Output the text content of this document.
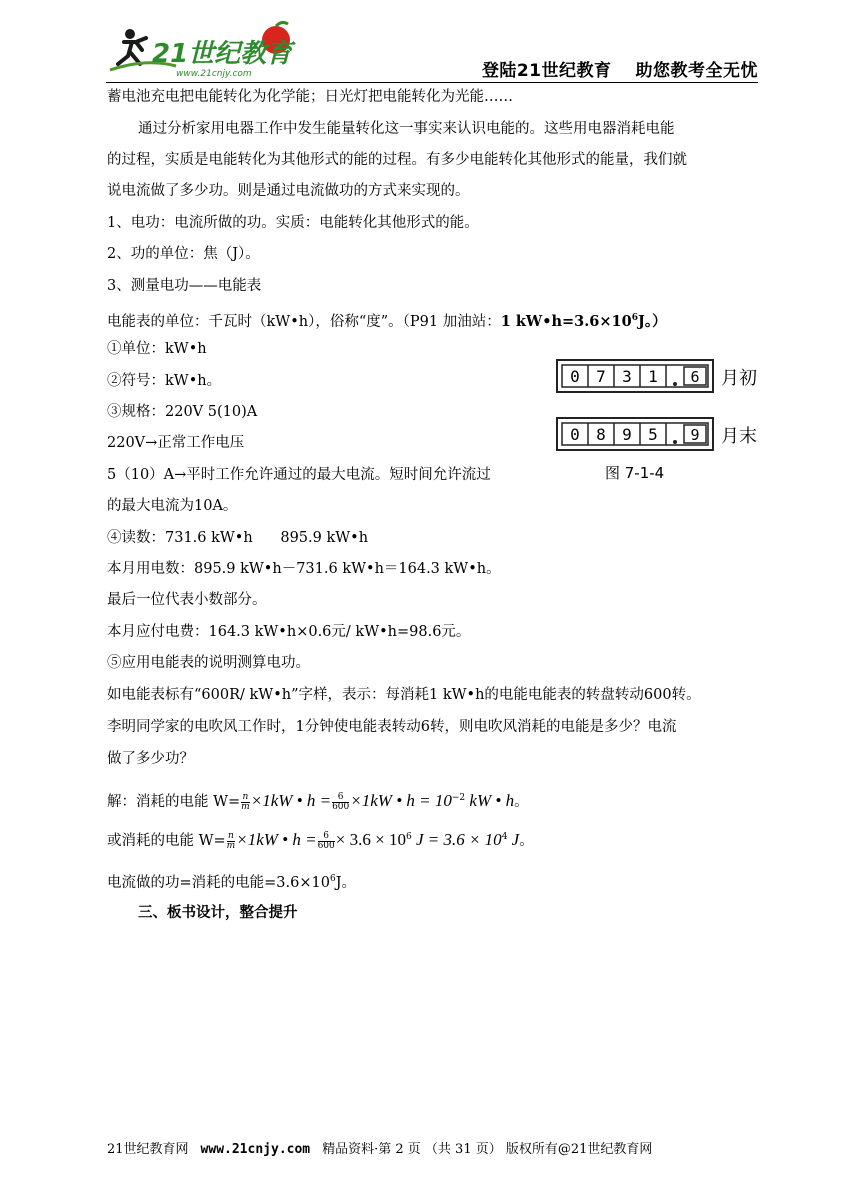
21世纪教育
www.21cnjy.com	登陆21世纪教育 助您教考全无忧
蓄电池充电把电能转化为化学能；日光灯把电能转化为光能……
通过分析家用电器工作中发生能量转化这一事实来认识电能的。这些用电器消耗电能
的过程，实质是电能转化为其他形式的能的过程。有多少电能转化其他形式的能量，我们就
说电流做了多少功。则是通过电流做功的方式来实现的。
1、电功：电流所做的功。实质：电能转化其他形式的能。
2、功的单位：焦（J）。
3、测量电功——电能表
电能表的单位：千瓦时（kW•h），俗称“度”。（P91 加油站：1 $kW•h=3.6\times 10^6J$。）
①单位：kW•h
②符号：kW•h。
③规格：220V 5(10)A
220V→正常工作电压
5（10）A→平时工作允许通过的最大电流。短时间允许流过
的最大电流为10A。
④读数：731.6 kW•h      895.9 kW•h
本月用电数：895.9 kW•h－731.6 kW•h＝164.3 kW•h。
最后一位代表小数部分。
本月应付电费：164.3 kW•h×0.6元/ kW•h=98.6元。
⑤应用电能表的说明测算电功。
如电能表标有“600R/ kW•h”字样，表示：每消耗1 kW•h的电能电能表的转盘转动600转。
李明同学家的电吹风工作时，1分钟使电能表转动6转，则电吹风消耗的电能是多少？电流
做了多少功？
解：消耗的电能 $W= \frac{n}{m} \times 1kW$ • $h = \frac{6}{600} \times 1kW$ • $h = 10^{-2}$ kW • h。
或消耗的电能 $W= \frac{n}{m} \times 1kW$ • $h = \frac{6}{600} \times 3.6 \times 10^6$ $J = 3.6 \times 10^4$ J。
电流做的功=消耗的电能$=3.6\times 10^6J$。
三、板书设计，整合提升
0 7 3 1 6 月初
0 8 9 5 9 月末
图 7-1-4
21世纪教育网 www.21cnjy.com 精品资料·第 2 页 （共 31 页） 版权所有@21世纪教育网
